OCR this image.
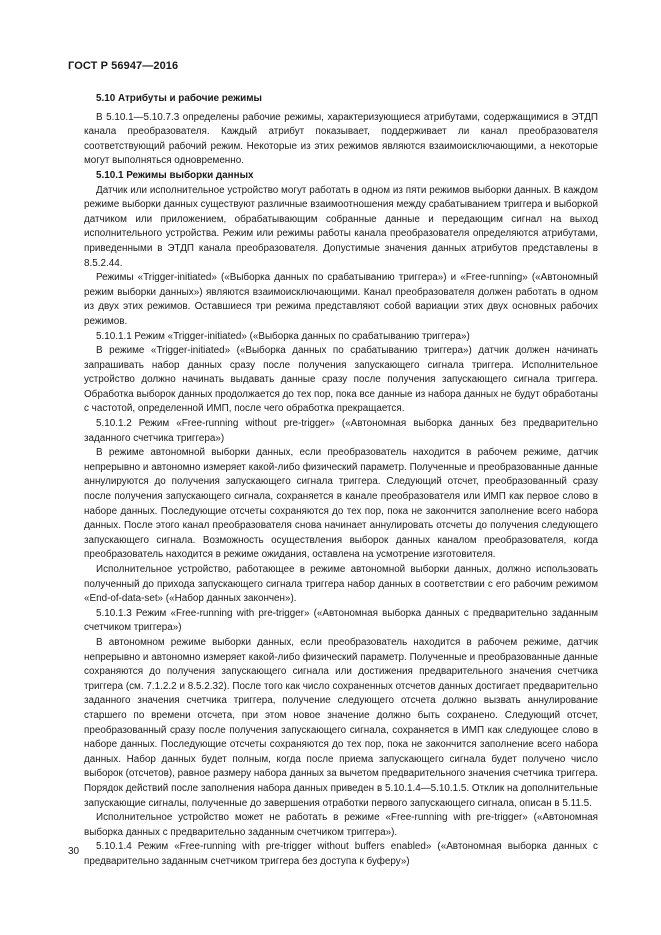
ГОСТ Р 56947—2016

5.10 Атрибуты и рабочие режимы

В 5.10.1—5.10.7.3 определены рабочие режимы, характеризующиеся атрибутами, содержащимися в ЭТДП канала преобразователя. Каждый атрибут показывает, поддерживает ли канал преобразователя соответствующий рабочий режим. Некоторые из этих режимов являются взаимоисключающими, а некоторые могут выполняться одновременно.

5.10.1 Режимы выборки данных

Датчик или исполнительное устройство могут работать в одном из пяти режимов выборки данных. В каждом режиме выборки данных существуют различные взаимоотношения между срабатыванием триггера и выборкой датчиком или приложением, обрабатывающим собранные данные и передающим сигнал на выход исполнительного устройства. Режим или режимы работы канала преобразователя определяются атрибутами, приведенными в ЭТДП канала преобразователя. Допустимые значения данных атрибутов представлены в 8.5.2.44.

Режимы «Trigger-initiated» («Выборка данных по срабатыванию триггера») и «Free-running» («Автономный режим выборки данных») являются взаимоисключающими. Канал преобразователя должен работать в одном из двух этих режимов. Оставшиеся три режима представляют собой вариации этих двух основных рабочих режимов.

5.10.1.1 Режим «Trigger-initiated» («Выборка данных по срабатыванию триггера»)

В режиме «Trigger-initiated» («Выборка данных по срабатыванию триггера») датчик должен начинать запрашивать набор данных сразу после получения запускающего сигнала триггера. Исполнительное устройство должно начинать выдавать данные сразу после получения запускающего сигнала триггера. Обработка выборок данных продолжается до тех пор, пока все данные из набора данных не будут обработаны с частотой, определенной ИМП, после чего обработка прекращается.

5.10.1.2 Режим «Free-running without pre-trigger» («Автономная выборка данных без предварительно заданного счетчика триггера»)

В режиме автономной выборки данных, если преобразователь находится в рабочем режиме, датчик непрерывно и автономно измеряет какой-либо физический параметр. Полученные и преобразованные данные аннулируются до получения запускающего сигнала триггера. Следующий отсчет, преобразованный сразу после получения запускающего сигнала, сохраняется в канале преобразователя или ИМП как первое слово в наборе данных. Последующие отсчеты сохраняются до тех пор, пока не закончится заполнение всего набора данных. После этого канал преобразователя снова начинает аннулировать отсчеты до получения следующего запускающего сигнала. Возможность осуществления выборок данных каналом преобразователя, когда преобразователь находится в режиме ожидания, оставлена на усмотрение изготовителя.

Исполнительное устройство, работающее в режиме автономной выборки данных, должно использовать полученный до прихода запускающего сигнала триггера набор данных в соответствии с его рабочим режимом «End-of-data-set» («Набор данных закончен»).

5.10.1.3 Режим «Free-running with pre-trigger» («Автономная выборка данных с предварительно заданным счетчиком триггера»)

В автономном режиме выборки данных, если преобразователь находится в рабочем режиме, датчик непрерывно и автономно измеряет какой-либо физический параметр. Полученные и преобразованные данные сохраняются до получения запускающего сигнала или достижения предварительного значения счетчика триггера (см. 7.1.2.2 и 8.5.2.32). После того как число сохраненных отсчетов данных достигает предварительно заданного значения счетчика триггера, получение следующего отсчета должно вызвать аннулирование старшего по времени отсчета, при этом новое значение должно быть сохранено. Следующий отсчет, преобразованный сразу после получения запускающего сигнала, сохраняется в ИМП как следующее слово в наборе данных. Последующие отсчеты сохраняются до тех пор, пока не закончится заполнение всего набора данных. Набор данных будет полным, когда после приема запускающего сигнала будет получено число выборок (отсчетов), равное размеру набора данных за вычетом предварительного значения счетчика триггера. Порядок действий после заполнения набора данных приведен в 5.10.1.4—5.10.1.5. Отклик на дополнительные запускающие сигналы, полученные до завершения отработки первого запускающего сигнала, описан в 5.11.5.

Исполнительное устройство может не работать в режиме «Free-running with pre-trigger» («Автономная выборка данных с предварительно заданным счетчиком триггера»).

5.10.1.4 Режим «Free-running with pre-trigger without buffers enabled» («Автономная выборка данных с предварительно заданным счетчиком триггера без доступа к буферу»)

30
